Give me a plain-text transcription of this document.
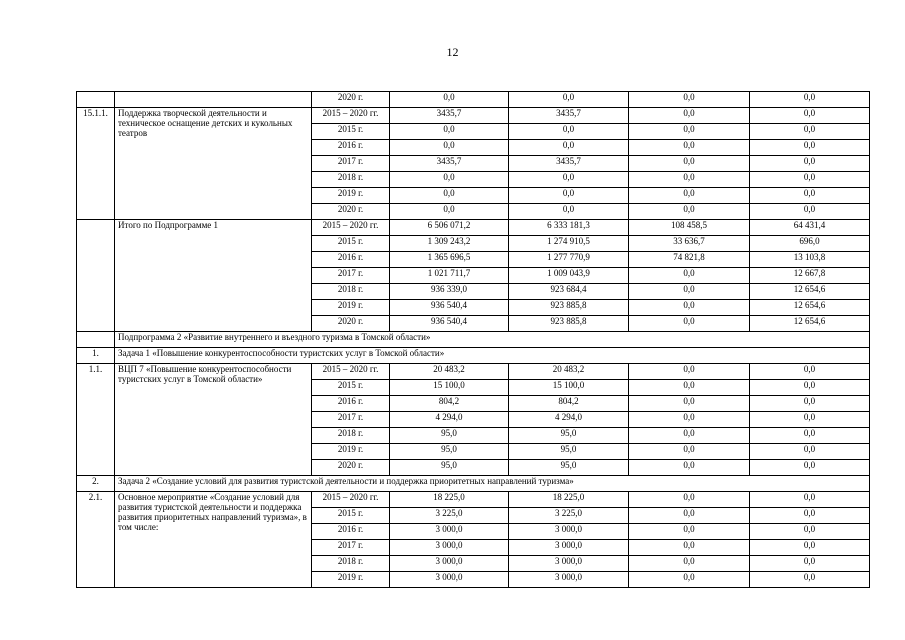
12
		2020 г.	0,0	0,0	0,0	0,0
15.1.1.	Поддержка творческой деятельности и техническое оснащение детских и кукольных театров	2015 – 2020 гг.	3435,7	3435,7	0,0	0,0
		2015 г.	0,0	0,0	0,0	0,0
		2016 г.	0,0	0,0	0,0	0,0
		2017 г.	3435,7	3435,7	0,0	0,0
		2018 г.	0,0	0,0	0,0	0,0
		2019 г.	0,0	0,0	0,0	0,0
		2020 г.	0,0	0,0	0,0	0,0
	Итого по Подпрограмме 1	2015 – 2020 гг.	6 506 071,2	6 333 181,3	108 458,5	64 431,4
		2015 г.	1 309 243,2	1 274 910,5	33 636,7	696,0
		2016 г.	1 365 696,5	1 277 770,9	74 821,8	13 103,8
		2017 г.	1 021 711,7	1 009 043,9	0,0	12 667,8
		2018 г.	936 339,0	923 684,4	0,0	12 654,6
		2019 г.	936 540,4	923 885,8	0,0	12 654,6
		2020 г.	936 540,4	923 885,8	0,0	12 654,6
	Подпрограмма 2 «Развитие внутреннего и въездного туризма в Томской области»					
1.	Задача 1 «Повышение конкурентоспособности туристских услуг в Томской области»					
1.1.	ВЦП 7 «Повышение конкурентоспособности туристских услуг в Томской области»	2015 – 2020 гг.	20 483,2	20 483,2	0,0	0,0
		2015 г.	15 100,0	15 100,0	0,0	0,0
		2016 г.	804,2	804,2	0,0	0,0
		2017 г.	4 294,0	4 294,0	0,0	0,0
		2018 г.	95,0	95,0	0,0	0,0
		2019 г.	95,0	95,0	0,0	0,0
		2020 г.	95,0	95,0	0,0	0,0
2.	Задача 2 «Создание условий для развития туристской деятельности и поддержка приоритетных направлений туризма»					
2.1.	Основное мероприятие «Создание условий для развития туристской деятельности и поддержка развития приоритетных направлений туризма», в том числе:	2015 – 2020 гг.	18 225,0	18 225,0	0,0	0,0
		2015 г.	3 225,0	3 225,0	0,0	0,0
		2016 г.	3 000,0	3 000,0	0,0	0,0
		2017 г.	3 000,0	3 000,0	0,0	0,0
		2018 г.	3 000,0	3 000,0	0,0	0,0
		2019 г.	3 000,0	3 000,0	0,0	0,0
